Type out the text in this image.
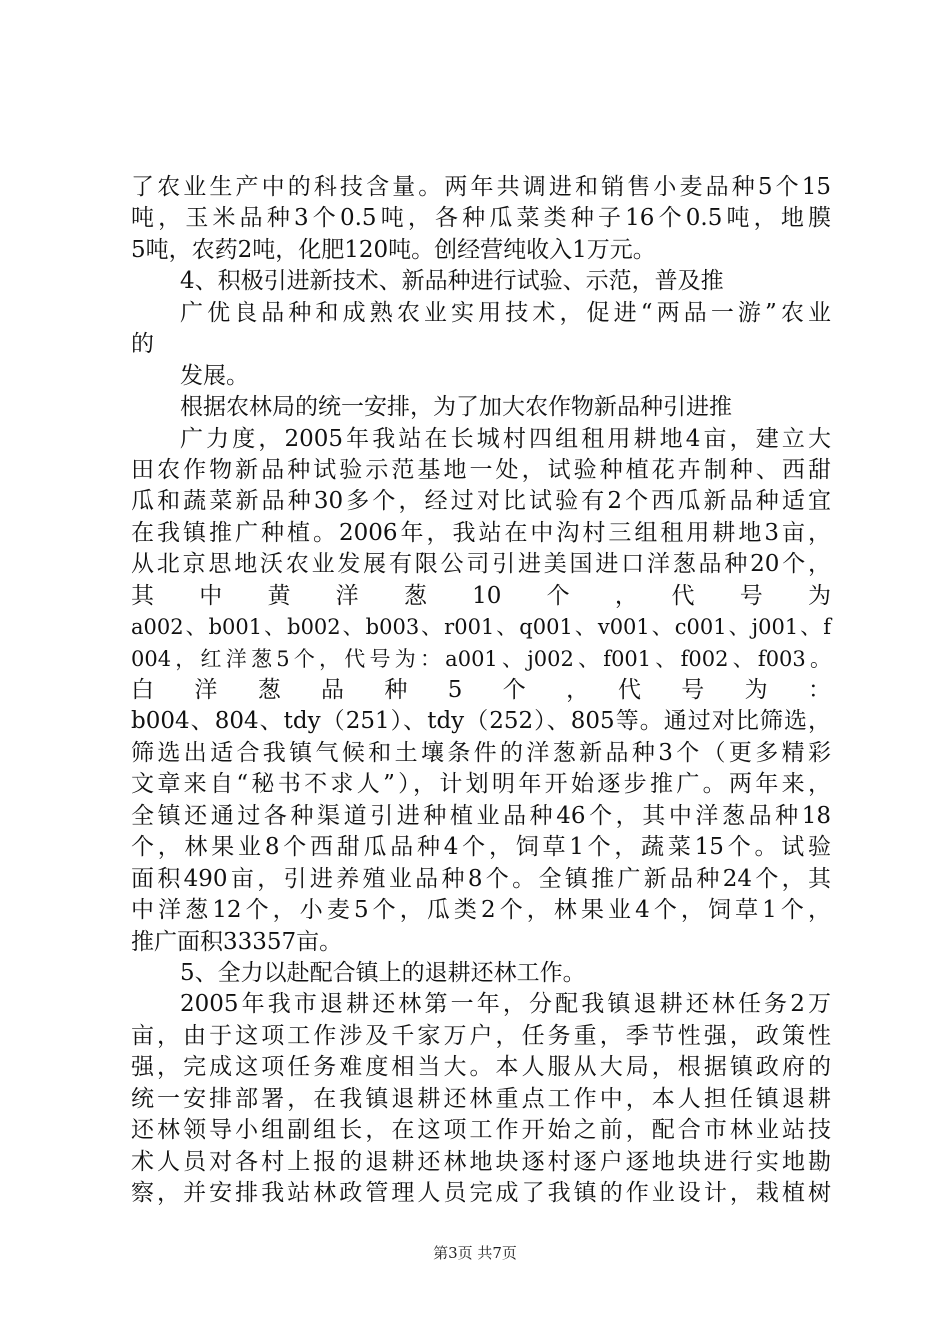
了农业生产中的科技含量。两年共调进和销售小麦品种5个15
吨，玉米品种3个0.5吨，各种瓜菜类种子16个0.5吨，地膜
5吨，农药2吨，化肥120吨。创经营纯收入1万元。
4、积极引进新技术、新品种进行试验、示范，普及推
广优良品种和成熟农业实用技术，促进“两品一游”农业
的
发展。
根据农林局的统一安排，为了加大农作物新品种引进推
广力度，2005年我站在长城村四组租用耕地4亩，建立大
田农作物新品种试验示范基地一处，试验种植花卉制种、西甜
瓜和蔬菜新品种30多个，经过对比试验有2个西瓜新品种适宜
在我镇推广种植。2006年，我站在中沟村三组租用耕地3亩，
从北京思地沃农业发展有限公司引进美国进口洋葱品种20个，
其　中　黄　洋　葱　10　个　，　代　号　为
a002、b001、b002、b003、r001、q001、v001、c001、j001、f
004，红洋葱5个，代号为：a001、j002、f001、f002、f003。
白　洋　葱　品　种　5　个　，　代　号　为　：
b004、804、tdy（251）、tdy（252）、805等。通过对比筛选，
筛选出适合我镇气候和土壤条件的洋葱新品种3个（更多精彩
文章来自“秘书不求人”），计划明年开始逐步推广。两年来，
全镇还通过各种渠道引进种植业品种46个，其中洋葱品种18
个，林果业8个西甜瓜品种4个，饲草1个，蔬菜15个。试验
面积490亩，引进养殖业品种8个。全镇推广新品种24个，其
中洋葱12个，小麦5个，瓜类2个，林果业4个，饲草1个，
推广面积33357亩。
5、全力以赴配合镇上的退耕还林工作。
2005年我市退耕还林第一年，分配我镇退耕还林任务2万
亩，由于这项工作涉及千家万户，任务重，季节性强，政策性
强，完成这项任务难度相当大。本人服从大局，根据镇政府的
统一安排部署，在我镇退耕还林重点工作中，本人担任镇退耕
还林领导小组副组长，在这项工作开始之前，配合市林业站技
术人员对各村上报的退耕还林地块逐村逐户逐地块进行实地勘
察，并安排我站林政管理人员完成了我镇的作业设计，栽植树
第3页 共7页
